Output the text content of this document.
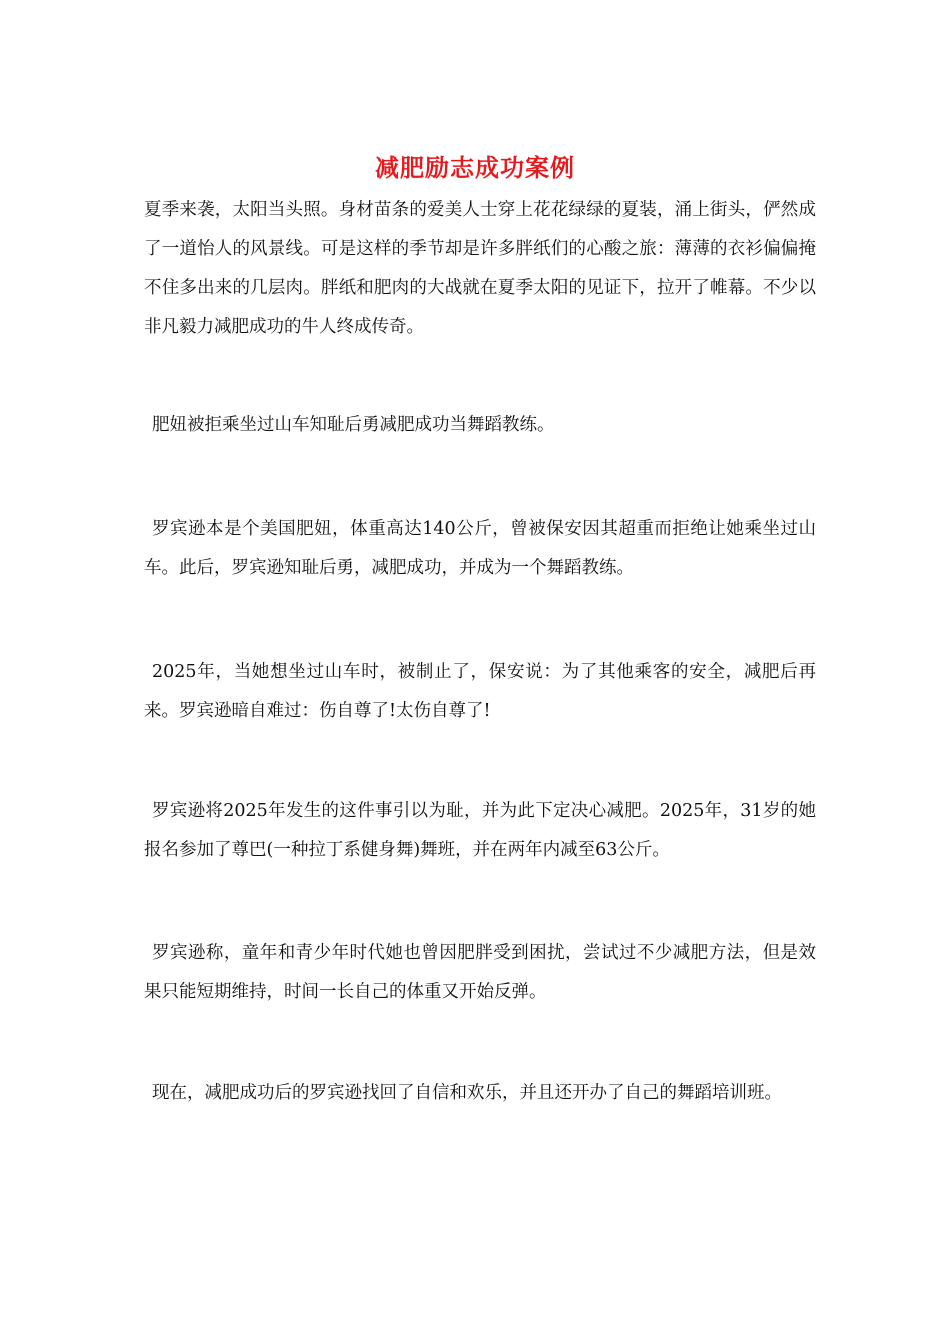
减肥励志成功案例

夏季来袭，太阳当头照。身材苗条的爱美人士穿上花花绿绿的夏装，涌上街头，俨然成了一道怡人的风景线。可是这样的季节却是许多胖纸们的心酸之旅：薄薄的衣衫偏偏掩不住多出来的几层肉。胖纸和肥肉的大战就在夏季太阳的见证下，拉开了帷幕。不少以非凡毅力减肥成功的牛人终成传奇。

肥妞被拒乘坐过山车知耻后勇减肥成功当舞蹈教练。

罗宾逊本是个美国肥妞，体重高达140公斤，曾被保安因其超重而拒绝让她乘坐过山车。此后，罗宾逊知耻后勇，减肥成功，并成为一个舞蹈教练。

2025年，当她想坐过山车时，被制止了，保安说：为了其他乘客的安全，减肥后再来。罗宾逊暗自难过：伤自尊了!太伤自尊了!

罗宾逊将2025年发生的这件事引以为耻，并为此下定决心减肥。2025年，31岁的她报名参加了尊巴(一种拉丁系健身舞)舞班，并在两年内减至63公斤。

罗宾逊称，童年和青少年时代她也曾因肥胖受到困扰，尝试过不少减肥方法，但是效果只能短期维持，时间一长自己的体重又开始反弹。

现在，减肥成功后的罗宾逊找回了自信和欢乐，并且还开办了自己的舞蹈培训班。
